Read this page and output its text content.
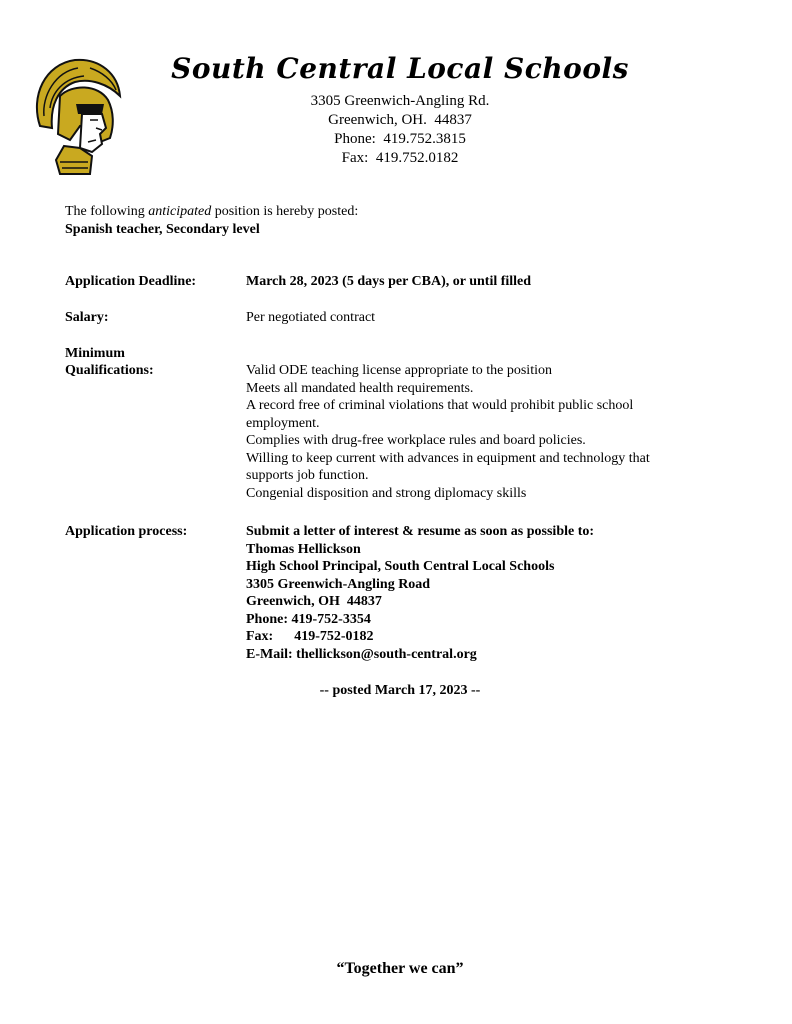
South Central Local Schools
3305 Greenwich-Angling Rd.
Greenwich, OH.  44837
Phone:  419.752.3815
Fax:  419.752.0182
The following anticipated position is hereby posted:
Spanish teacher, Secondary level
Application Deadline:	March 28, 2023 (5 days per CBA), or until filled
Salary:	Per negotiated contract
Minimum
Qualifications:	Valid ODE teaching license appropriate to the position
Meets all mandated health requirements.
A record free of criminal violations that would prohibit public school
employment.
Complies with drug-free workplace rules and board policies.
Willing to keep current with advances in equipment and technology that
supports job function.
Congenial disposition and strong diplomacy skills
Application process:	Submit a letter of interest & resume as soon as possible to:
Thomas Hellickson
High School Principal, South Central Local Schools
3305 Greenwich-Angling Road
Greenwich, OH  44837
Phone: 419-752-3354
Fax:      419-752-0182
E-Mail: thellickson@south-central.org
-- posted March 17, 2023 --
“Together we can”
